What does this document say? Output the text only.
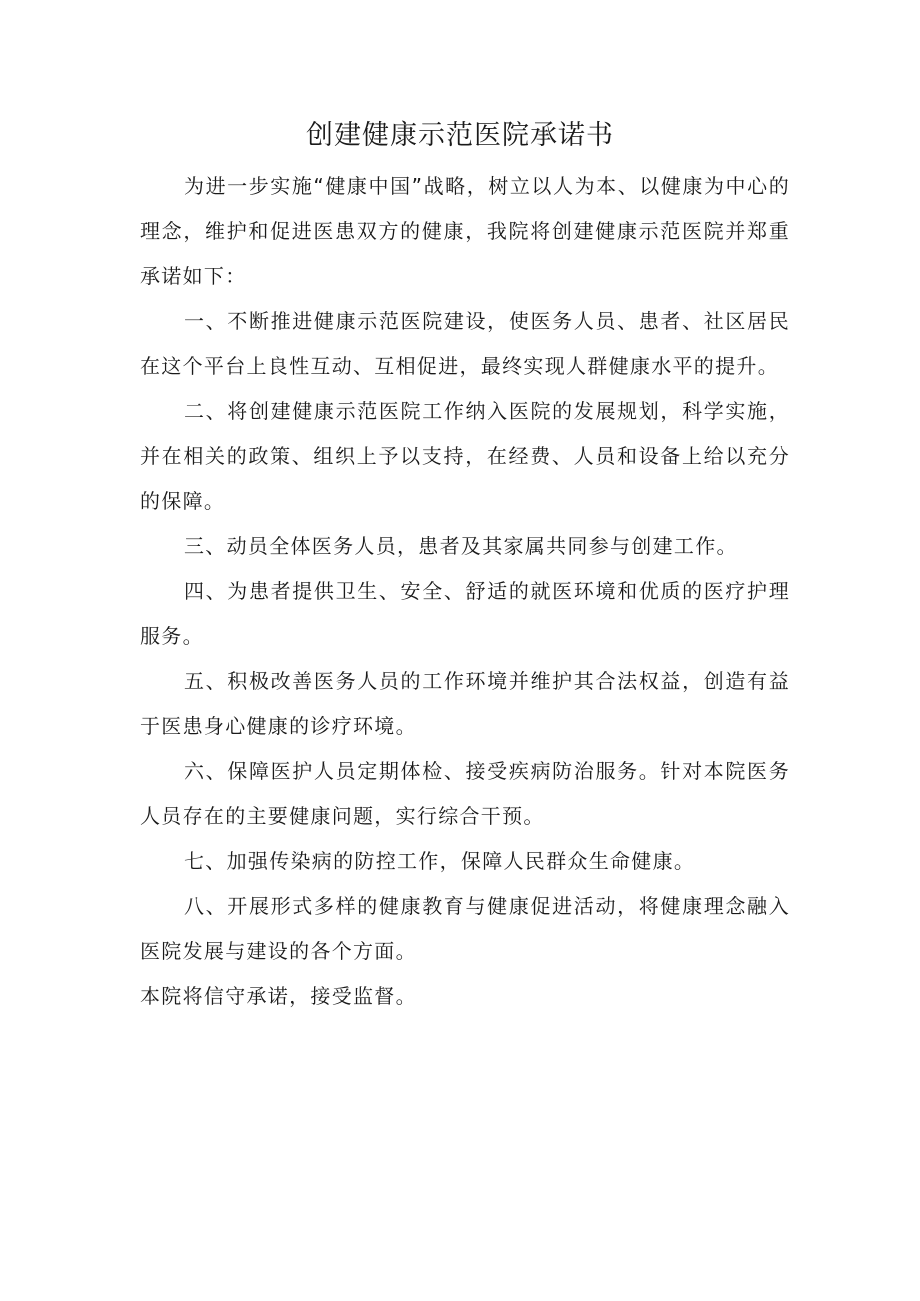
创建健康示范医院承诺书

为进一步实施“健康中国”战略，树立以人为本、以健康为中心的理念，维护和促进医患双方的健康，我院将创建健康示范医院并郑重承诺如下：

一、不断推进健康示范医院建设，使医务人员、患者、社区居民在这个平台上良性互动、互相促进，最终实现人群健康水平的提升。

二、将创建健康示范医院工作纳入医院的发展规划，科学实施，并在相关的政策、组织上予以支持，在经费、人员和设备上给以充分的保障。

三、动员全体医务人员，患者及其家属共同参与创建工作。

四、为患者提供卫生、安全、舒适的就医环境和优质的医疗护理服务。

五、积极改善医务人员的工作环境并维护其合法权益，创造有益于医患身心健康的诊疗环境。

六、保障医护人员定期体检、接受疾病防治服务。针对本院医务人员存在的主要健康问题，实行综合干预。

七、加强传染病的防控工作，保障人民群众生命健康。

八、开展形式多样的健康教育与健康促进活动，将健康理念融入医院发展与建设的各个方面。

本院将信守承诺，接受监督。
